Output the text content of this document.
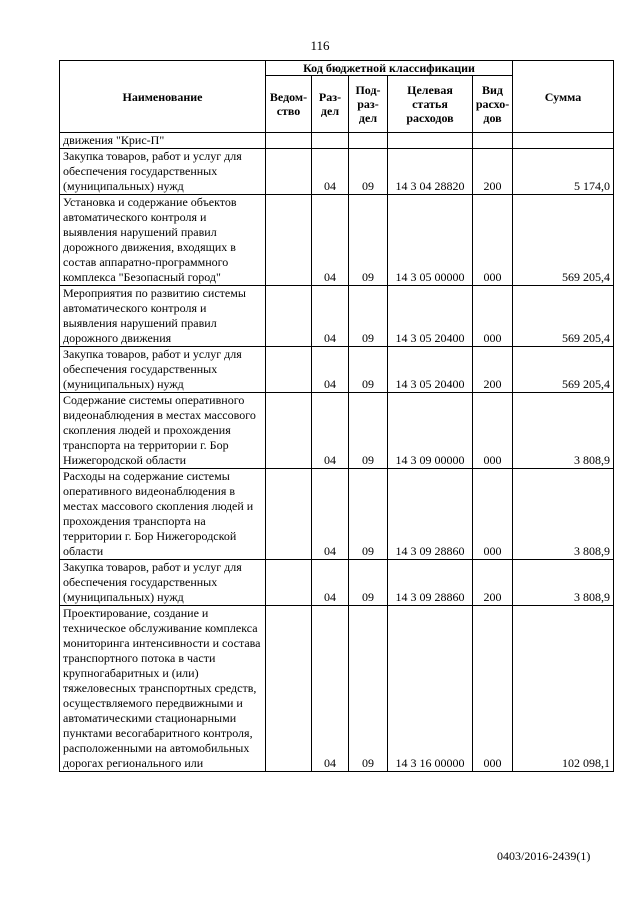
116
Наименование	Код бюджетной классификации					Сумма
	Ведом-ство	Раз-дел	Под-раз-дел	Целевая статья расходов	Вид расхо-дов	
движения "Крис-П"						
Закупка товаров, работ и услуг для обеспечения государственных (муниципальных) нужд		04	09	14 3 04 28820	200	5 174,0
Установка и содержание объектов автоматического контроля и выявления нарушений правил дорожного движения, входящих в состав аппаратно-программного комплекса "Безопасный город"		04	09	14 3 05 00000	000	569 205,4
Мероприятия по развитию системы автоматического контроля и выявления нарушений правил дорожного движения		04	09	14 3 05 20400	000	569 205,4
Закупка товаров, работ и услуг для обеспечения государственных (муниципальных) нужд		04	09	14 3 05 20400	200	569 205,4
Содержание системы оперативного видеонаблюдения в местах массового скопления людей и прохождения транспорта на территории г. Бор Нижегородской области		04	09	14 3 09 00000	000	3 808,9
Расходы на содержание системы оперативного видеонаблюдения в местах массового скопления людей и прохождения транспорта на территории г. Бор Нижегородской области		04	09	14 3 09 28860	000	3 808,9
Закупка товаров, работ и услуг для обеспечения государственных (муниципальных) нужд		04	09	14 3 09 28860	200	3 808,9
Проектирование, создание и техническое обслуживание комплекса мониторинга интенсивности и состава транспортного потока в части крупногабаритных и (или) тяжеловесных транспортных средств, осуществляемого передвижными и автоматическими стационарными пунктами весогабаритного контроля, расположенными на автомобильных дорогах регионального или		04	09	14 3 16 00000	000	102 098,1
0403/2016-2439(1)
